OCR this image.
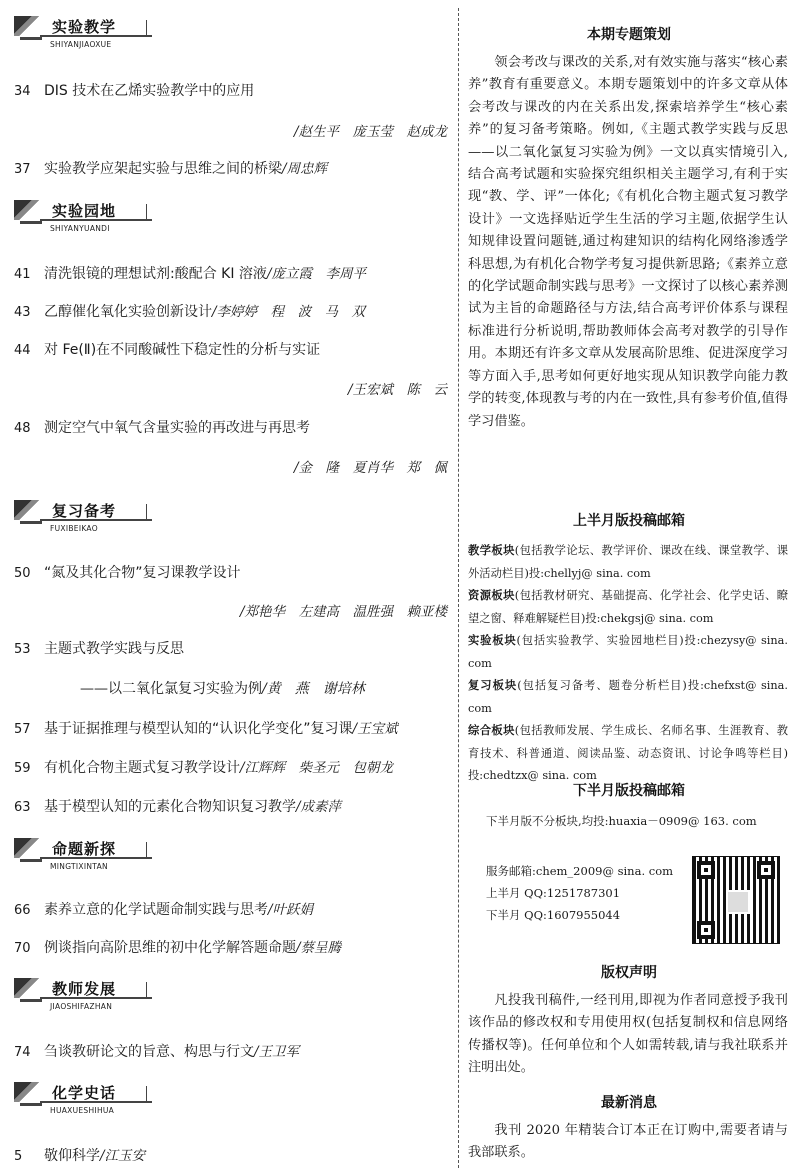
实验教学
SHIYANJIAOXUE
34 DIS 技术在乙烯实验教学中的应用
/赵生平　庞玉莹　赵成龙
37 实验教学应架起实验与思维之间的桥梁/周忠辉
实验园地
SHIYANYUANDI
41 清洗银镜的理想试剂:酸配合 KI 溶液/庞立霞　李周平
43 乙醇催化氧化实验创新设计/李婷婷　程　波　马　双
44 对 Fe(Ⅱ)在不同酸碱性下稳定性的分析与实证
/王宏斌　陈　云
48 测定空气中氧气含量实验的再改进与再思考
/金　隆　夏肖华　郑　佩
复习备考
FUXIBEIKAO
50 “氮及其化合物”复习课教学设计
/郑艳华　左建高　温胜强　赖亚楼
53 主题式教学实践与反思
——以二氧化氯复习实验为例/黄　燕　谢培林
57 基于证据推理与模型认知的“认识化学变化”复习课/王宝斌
59 有机化合物主题式复习教学设计/江辉辉　柴圣元　包朝龙
63 基于模型认知的元素化合物知识复习教学/成素萍
命题新探
MINGTIXINTAN
66 素养立意的化学试题命制实践与思考/叶跃娟
70 例谈指向高阶思维的初中化学解答题命题/蔡呈腾
教师发展
JIAOSHIFAZHAN
74 刍谈教研论文的旨意、构思与行文/王卫军
化学史话
HUAXUESHIHUA
5 敬仰科学/江玉安
本期专题策划
领会考改与课改的关系,对有效实施与落实“核心素养”教育有重要意义。本期专题策划中的许多文章从体会考改与课改的内在关系出发,探索培养学生“核心素养”的复习备考策略。例如,《主题式教学实践与反思——以二氧化氯复习实验为例》一文以真实情境引入,结合高考试题和实验探究组织相关主题学习,有利于实现“教、学、评”一体化;《有机化合物主题式复习教学设计》一文选择贴近学生生活的学习主题,依据学生认知规律设置问题链,通过构建知识的结构化网络渗透学科思想,为有机化合物学考复习提供新思路;《素养立意的化学试题命制实践与思考》一文探讨了以核心素养测试为主旨的命题路径与方法,结合高考评价体系与课程标准进行分析说明,帮助教师体会高考对教学的引导作用。本期还有许多文章从发展高阶思维、促进深度学习等方面入手,思考如何更好地实现从知识教学向能力教学的转变,体现教与考的内在一致性,具有参考价值,值得学习借鉴。
上半月版投稿邮箱
教学板块(包括教学论坛、教学评价、课改在线、课堂教学、课外活动栏目)投:chellyj@ sina. com
资源板块(包括教材研究、基础提高、化学社会、化学史话、瞭望之窗、释难解疑栏目)投:chekgsj@ sina. com
实验板块(包括实验教学、实验园地栏目)投:chezysy@ sina. com
复习板块(包括复习备考、题卷分析栏目)投:chefxst@ sina. com
综合板块(包括教师发展、学生成长、名师名事、生涯教育、教育技术、科普通道、阅读品鉴、动态资讯、讨论争鸣等栏目)投:chedtzx@ sina. com
下半月版投稿邮箱
下半月版不分板块,均投:huaxia－0909@ 163. com
服务邮箱:chem_2009@ sina. com
上半月 QQ:1251787301
下半月 QQ:1607955044
版权声明
凡投我刊稿件,一经刊用,即视为作者同意授予我刊该作品的修改权和专用使用权(包括复制权和信息网络传播权等)。任何单位和个人如需转载,请与我社联系并注明出处。
最新消息
我刊 2020 年精装合订本正在订购中,需要者请与我部联系。
